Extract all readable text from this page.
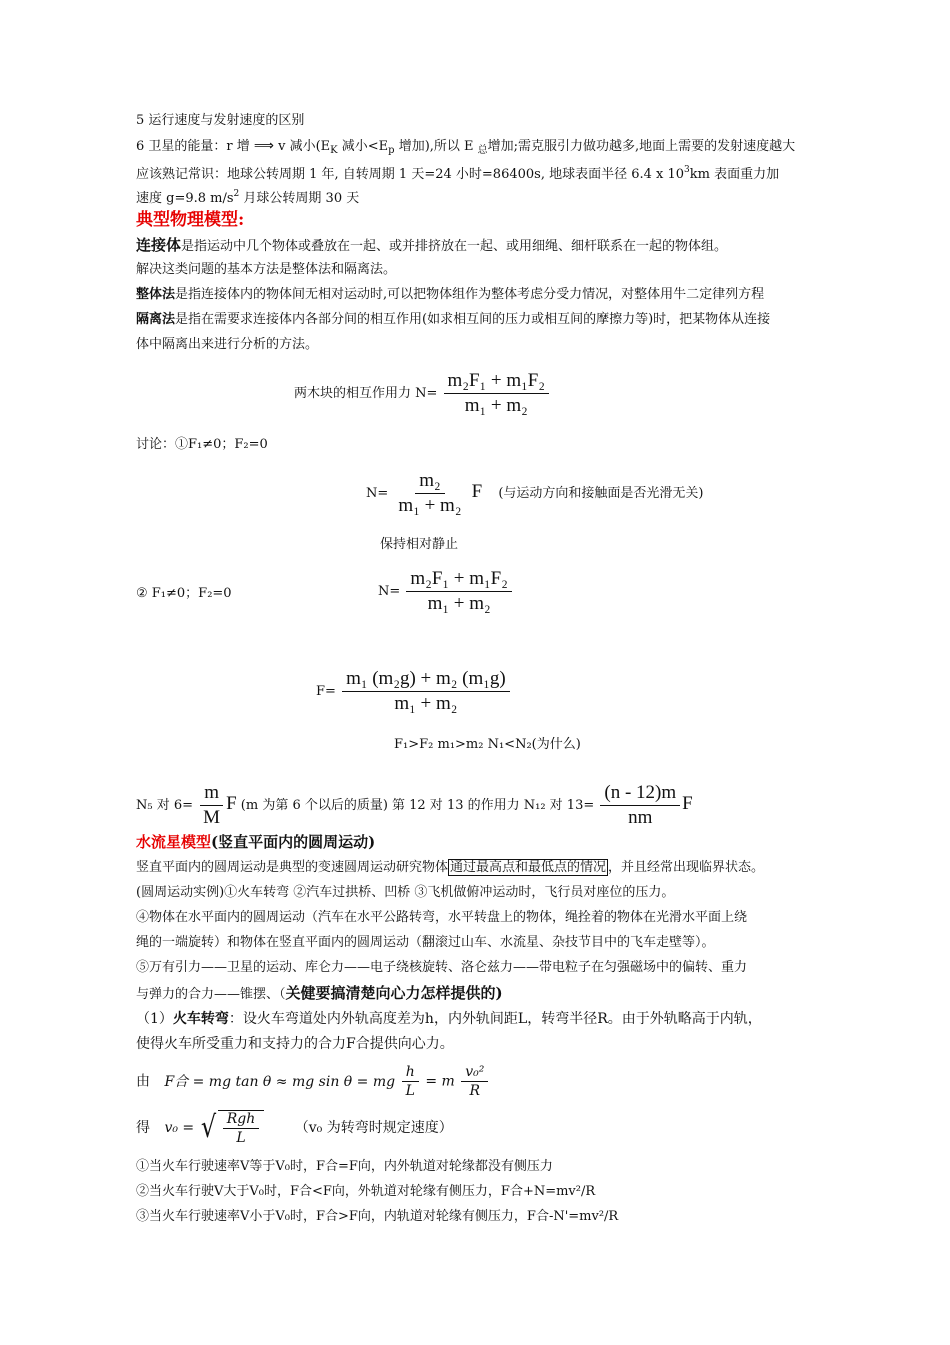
5 运行速度与发射速度的区别
6 卫星的能量：r 增 ⟹ v 减小($E_K$ 减小$<E_p$ 增加),所以 E $_总$增加;需克服引力做功越多,地面上需要的发射速度越大
应该熟记常识：地球公转周期 1 年, 自转周期 1 天=24 小时=86400s, 地球表面半径 6.4 x $10^3km$ 表面重力加
速度 g=9.8 $m/s^2$ 月球公转周期 30 天
典型物理模型:
连接体是指运动中几个物体或叠放在一起、或并排挤放在一起、或用细绳、细杆联系在一起的物体组。
解决这类问题的基本方法是整体法和隔离法。
整体法是指连接体内的物体间无相对运动时,可以把物体组作为整体考虑分受力情况，对整体用牛二定律列方程
隔离法是指在需要求连接体内各部分间的相互作用(如求相互间的压力或相互间的摩擦力等)时，把某物体从连接
体中隔离出来进行分析的方法。
两木块的相互作用力 $N= \frac{\text{m₂F₁ + m₁F₂}}{\text{m₁ + m₂}}$
讨论：①F₁≠0；F₂=0
$N= \frac{\text{m₂}}{\text{m₁ + m₂}}$ F (与运动方向和接触面是否光滑无关)
保持相对静止
② F₁≠0；F₂=0	$N= \frac{\text{m₂F₁ + m₁F₂}}{\text{m₁ + m₂}}$
$F= \frac{\text{m₁ (m₂g) + m₂ (m₁g)}}{\text{m₁ + m₂}}$
F₁>F₂ m₁>m₂ N₁<N₂(为什么)
N₅ 对 $6= \frac{m}{M}$ F (m 为第 6 个以后的质量) 第 12 对 13 的作用力 N₁₂ 对 $13= \frac{(n - 12)m}{nm}$ F
水流星模型(竖直平面内的圆周运动)
竖直平面内的圆周运动是典型的变速圆周运动研究物体 通过最高点和最低点的情况 ，并且经常出现临界状态。
(圆周运动实例)①火车转弯 ②汽车过拱桥、凹桥 ③飞机做俯冲运动时，飞行员对座位的压力。
④物体在水平面内的圆周运动（汽车在水平公路转弯，水平转盘上的物体，绳拴着的物体在光滑水平面上绕
绳的一端旋转）和物体在竖直平面内的圆周运动（翻滚过山车、水流星、杂技节目中的飞车走壁等）。
⑤万有引力——卫星的运动、库仑力——电子绕核旋转、洛仑兹力——带电粒子在匀强磁场中的偏转、重力
与弹力的合力——锥摆、（关健要搞清楚向心力怎样提供的)
（1）火车转弯：设火车弯道处内外轨高度差为h，内外轨间距L，转弯半径R。由于外轨略高于内轨，
使得火车所受重力和支持力的合力F合提供向心力。
由 F合 = mg tan θ ≈ mg sin θ = mg $\frac{h}{L} = m \frac{\text{v₀²}}{R}$
得 v₀ = √ $\frac{\text{Rgh}}{L}$	（v₀ 为转弯时规定速度）
①当火车行驶速率V等于V₀时，F合=F向，内外轨道对轮缘都没有侧压力
②当火车行驶V大于V₀时，F合<F向，外轨道对轮缘有侧压力，F合+N=mv²/R
③当火车行驶速率V小于V₀时，F合>F向，内轨道对轮缘有侧压力，F合-N'=mv²/R
